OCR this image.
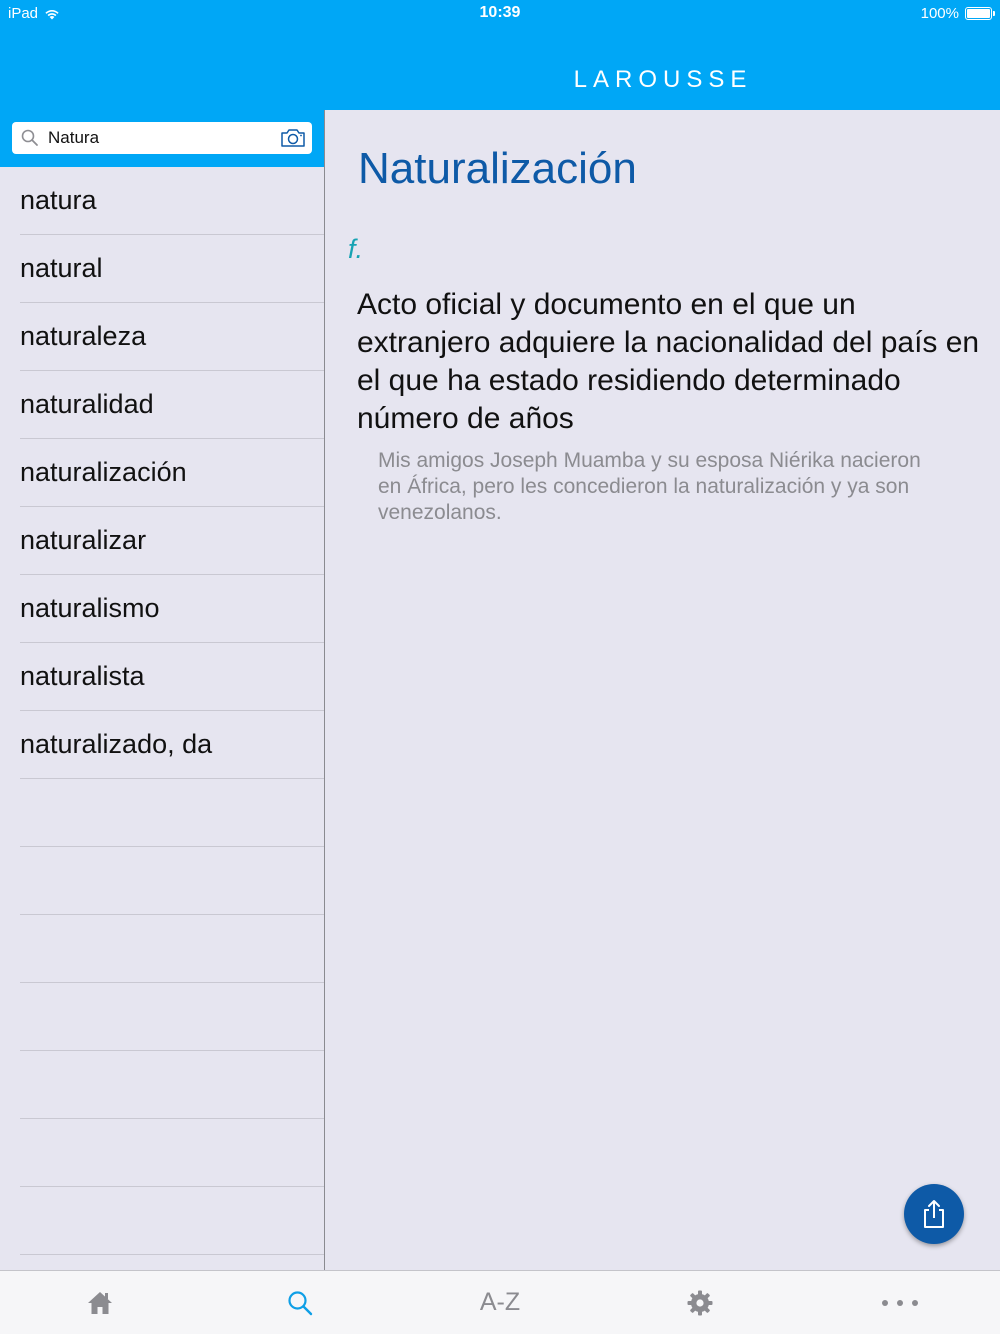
iPad	10:39	100%
LAROUSSE
Natura
natura
natural
naturaleza
naturalidad
naturalización
naturalizar
naturalismo
naturalista
naturalizado, da
Naturalización
f.
Acto oficial y documento en el que un extranjero adquiere la nacionalidad del país en el que ha estado residiendo determinado número de años
Mis amigos Joseph Muamba y su esposa Niérika nacieron en África, pero les concedieron la naturalización y ya son venezolanos.
A-Z
